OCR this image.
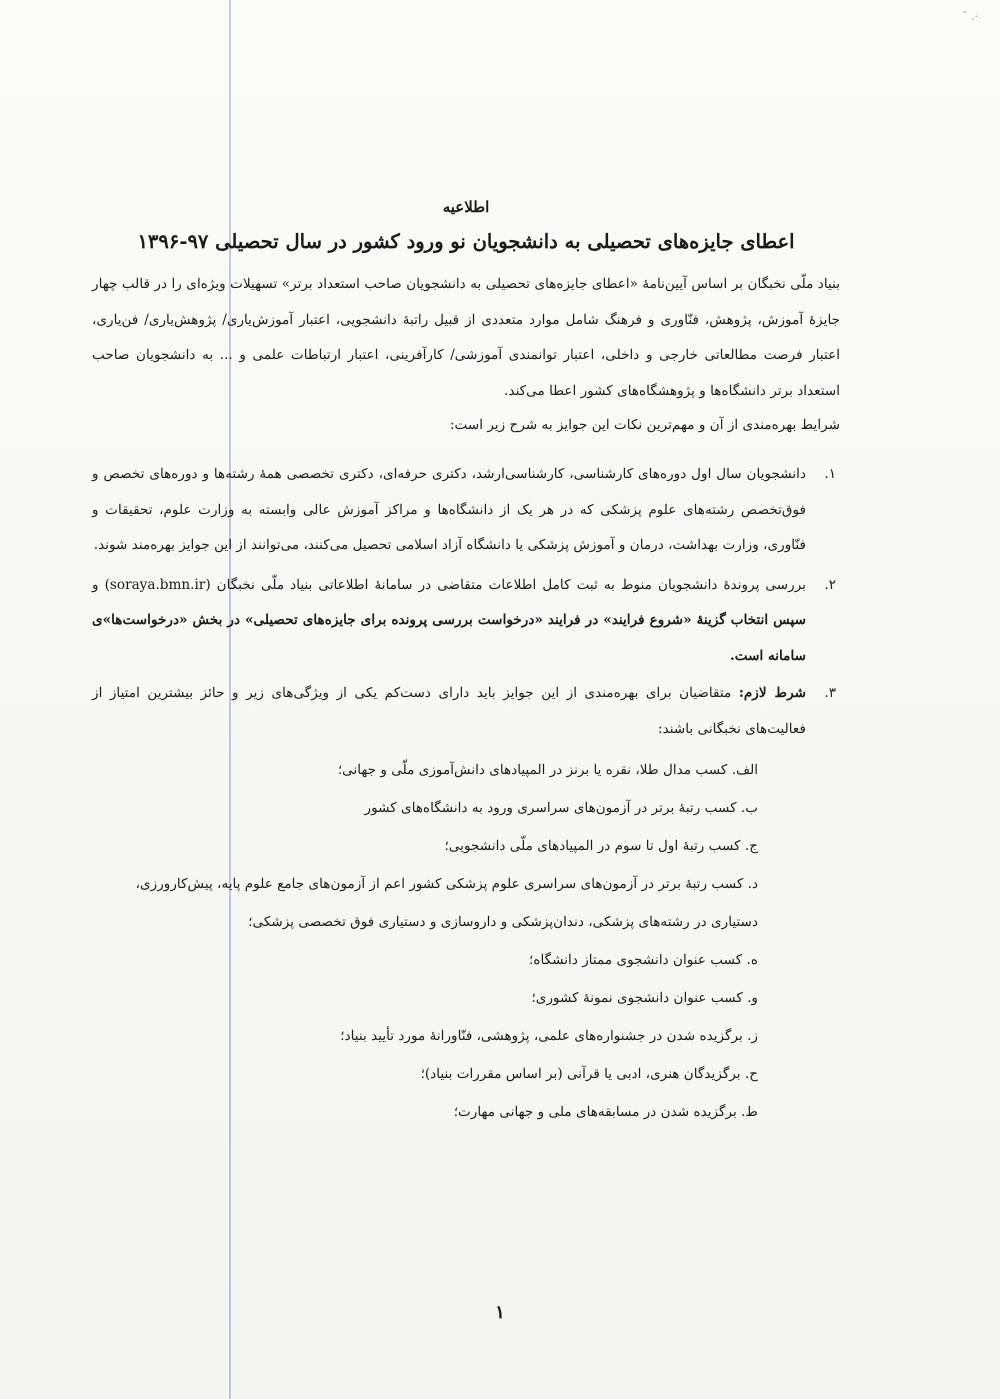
ˆ .·

اطلاعیه

اعطای جایزه‌های تحصیلی به دانشجویان نو ورود کشور در سال تحصیلی ۹۷-۱۳۹۶

بنیاد ملّی نخبگان بر اساس آیین‌نامۀ «اعطای جایزه‌های تحصیلی به دانشجویان صاحب استعداد برتر» تسهیلات ویژه‌ای را در قالب چهار جایزۀ آموزش، پژوهش، فنّاوری و فرهنگ شامل موارد متعددی از قبیل راتبۀ دانشجویی، اعتبار آموزش‌یاری/ پژوهش‌یاری/ فن‌یاری، اعتبار فرصت مطالعاتی خارجی و داخلی، اعتبار توانمندی آموزشی/ کارآفرینی، اعتبار ارتباطات علمی و ... به دانشجویان صاحب استعداد برتر دانشگاه‌ها و پژوهشگاه‌های کشور اعطا می‌کند.

شرایط بهره‌مندی از آن و مهم‌ترین نکات این جوایز به شرح زیر است:

۱.

دانشجویان سال اول دوره‌های کارشناسی، کارشناسی‌ارشد، دکتری حرفه‌ای، دکتری تخصصی همۀ رشته‌ها و دوره‌های تخصص و فوق‌تخصص رشته‌های علوم پزشکی که در هر یک از دانشگاه‌ها و مراکز آموزش عالی وابسته به وزارت علوم، تحقیقات و فنّاوری، وزارت بهداشت، درمان و آموزش پزشکی یا دانشگاه آزاد اسلامی تحصیل می‌کنند، می‌توانند از این جوایز بهره‌مند شوند.

۲.

بررسی پروندۀ دانشجویان منوط به ثبت کامل اطلاعات متقاضی در سامانۀ اطلاعاتی بنیاد ملّی نخبگان (soraya.bmn.ir) و سپس انتخاب گزینۀ «شروع فرایند» در فرایند «درخواست بررسی پرونده برای جایزه‌های تحصیلی» در بخش «درخواست‌ها»ی سامانه است.

۳.

شرط لازم: متقاضیان برای بهره‌مندی از این جوایز باید دارای دست‌کم یکی از ویژگی‌های زیر و حائز بیشترین امتیاز از فعالیت‌های نخبگانی باشند:

الف. کسب مدال طلا، نقره یا برنز در المپیادهای دانش‌آموزی ملّی و جهانی؛

ب. کسب رتبۀ برتر در آزمون‌های سراسری ورود به دانشگاه‌های کشور

ج. کسب رتبۀ اول تا سوم در المپیادهای ملّی دانشجویی؛

د. کسب رتبۀ برتر در آزمون‌های سراسری علوم پزشکی کشور اعم از آزمون‌های جامع علوم پایه، پیش‌کارورزی، دستیاری در رشته‌های پزشکی، دندان‌پزشکی و داروسازی و دستیاری فوق تخصصی پزشکی؛

ه. کسب عنوان دانشجوی ممتاز دانشگاه؛

و. کسب عنوان دانشجوی نمونۀ کشوری؛

ز. برگزیده شدن در جشنواره‌های علمی، پژوهشی، فنّاورانۀ مورد تأیید بنیاد؛

ح. برگزیدگان هنری، ادبی یا قرآنی (بر اساس مقررات بنیاد)؛

ط. برگزیده شدن در مسابقه‌های ملی و جهانی مهارت؛

۱
